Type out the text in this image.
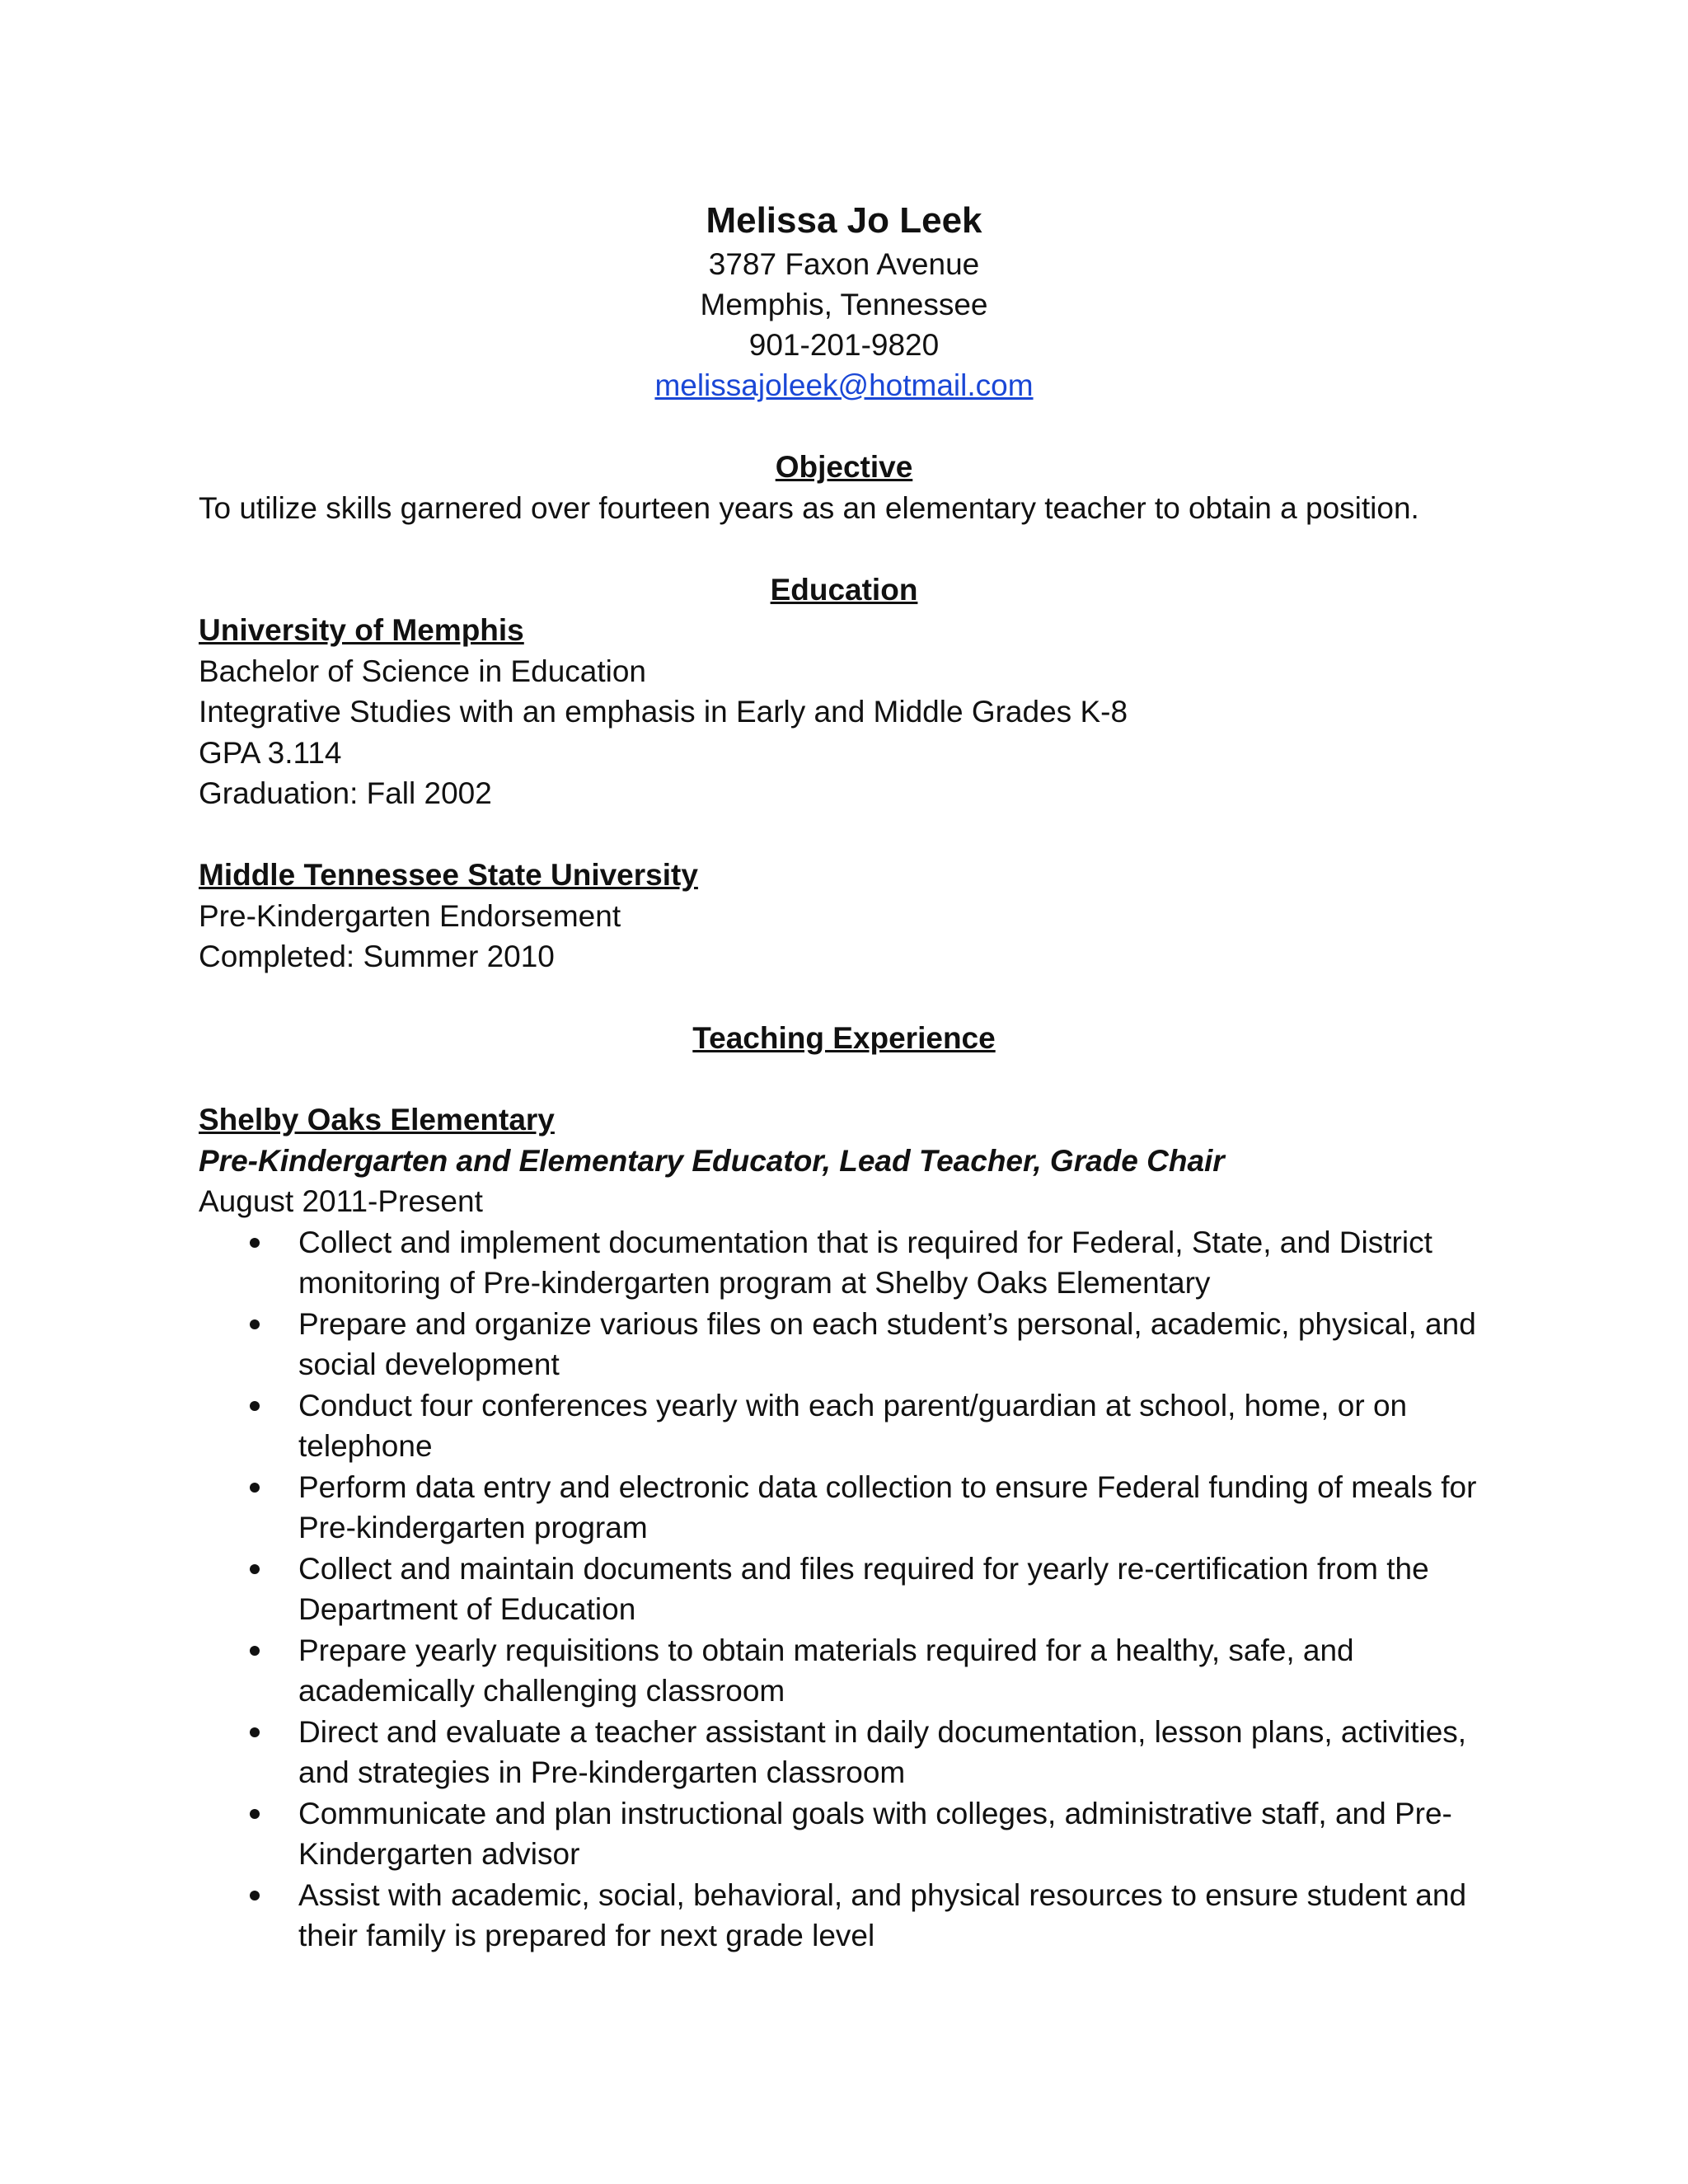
Melissa Jo Leek
3787 Faxon Avenue
Memphis, Tennessee
901-201-9820
melissajoleek@hotmail.com
Objective
To utilize skills garnered over fourteen years as an elementary teacher to obtain a position.
Education
University of Memphis
Bachelor of Science in Education
Integrative Studies with an emphasis in Early and Middle Grades K-8
GPA 3.114
Graduation: Fall 2002
Middle Tennessee State University
Pre-Kindergarten Endorsement
Completed: Summer 2010
Teaching Experience
Shelby Oaks Elementary
Pre-Kindergarten and Elementary Educator, Lead Teacher, Grade Chair
August 2011-Present
Collect and implement documentation that is required for Federal, State, and District
monitoring of Pre-kindergarten program at Shelby Oaks Elementary
Prepare and organize various files on each student’s personal, academic, physical, and
social development
Conduct four conferences yearly with each parent/guardian at school, home, or on
telephone
Perform data entry and electronic data collection to ensure Federal funding of meals for
Pre-kindergarten program
Collect and maintain documents and files required for yearly re-certification from the
Department of Education
Prepare yearly requisitions to obtain materials required for a healthy, safe, and
academically challenging classroom
Direct and evaluate a teacher assistant in daily documentation, lesson plans, activities,
and strategies in Pre-kindergarten classroom
Communicate and plan instructional goals with colleges, administrative staff, and Pre-
Kindergarten advisor
Assist with academic, social, behavioral, and physical resources to ensure student and
their family is prepared for next grade level
